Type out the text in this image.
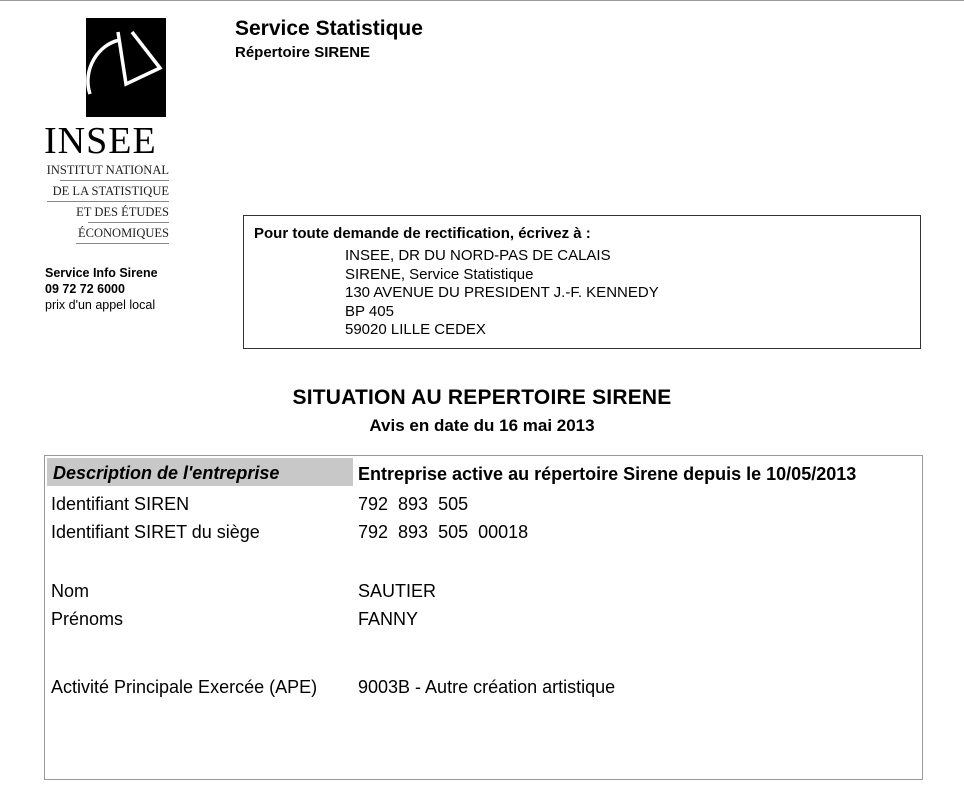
INSEE
INSTITUT NATIONAL
DE LA STATISTIQUE
ET DES ÉTUDES
ÉCONOMIQUES
Service Info Sirene
09 72 72 6000
prix d'un appel local
Service Statistique
Répertoire SIRENE
Pour toute demande de rectification, écrivez à :
INSEE, DR DU NORD-PAS DE CALAIS
SIRENE, Service Statistique
130 AVENUE DU PRESIDENT J.-F. KENNEDY
BP 405
59020 LILLE CEDEX
SITUATION AU REPERTOIRE SIRENE
Avis en date du 16 mai 2013
Description de l'entreprise	Entreprise active au répertoire Sirene depuis le 10/05/2013
Identifiant SIREN	792  893  505
Identifiant SIRET du siège	792  893  505  00018
Nom	SAUTIER
Prénoms	FANNY
Activité Principale Exercée (APE) 9003B - Autre création artistique
